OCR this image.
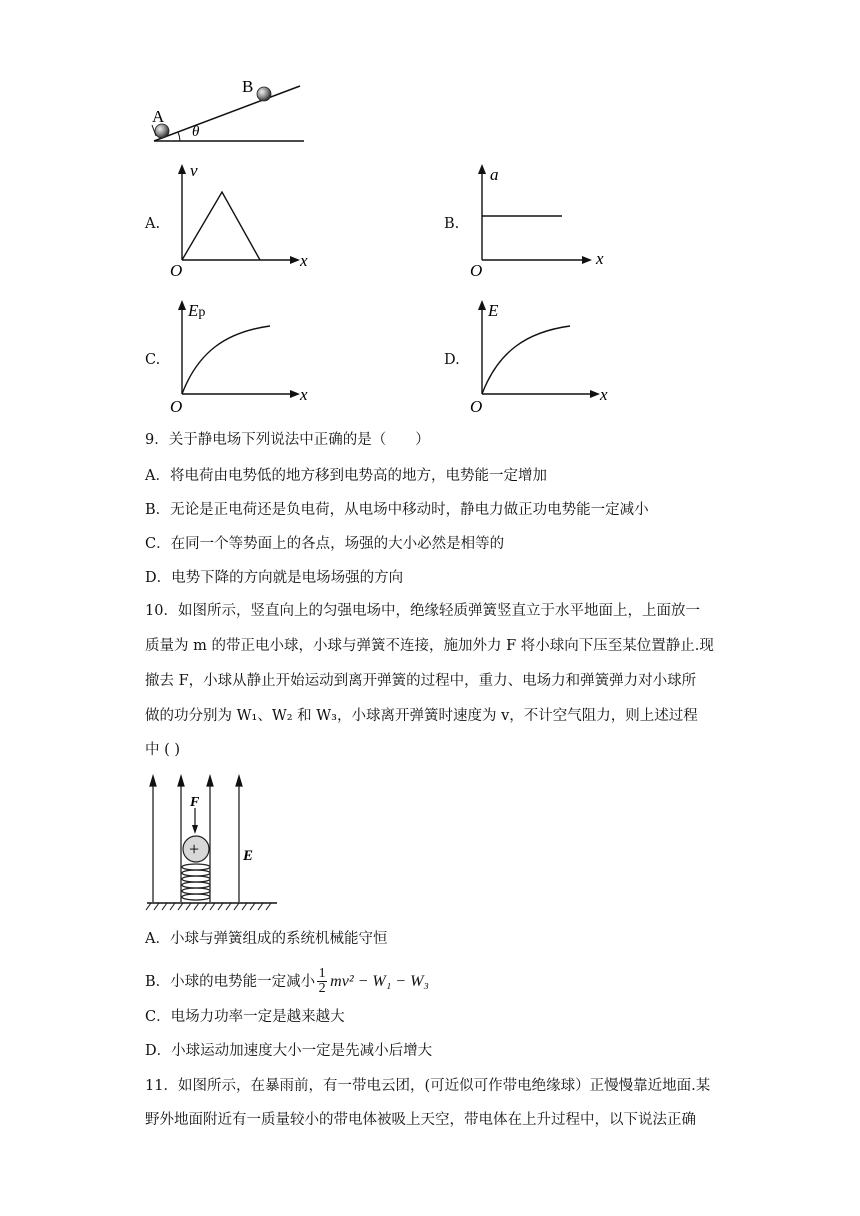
A
B
θ
A.	B.
C.	D.
v
x
O
a
x
O
Ep
x
O
E
x
O
9．关于静电场下列说法中正确的是（　　）
A．将电荷由电势低的地方移到电势高的地方，电势能一定增加
B．无论是正电荷还是负电荷，从电场中移动时，静电力做正功电势能一定减小
C．在同一个等势面上的各点，场强的大小必然是相等的
D．电势下降的方向就是电场场强的方向
10．如图所示，竖直向上的匀强电场中，绝缘轻质弹簧竖直立于水平地面上，上面放一
质量为 m 的带正电小球，小球与弹簧不连接，施加外力 F 将小球向下压至某位置静止.现
撤去 F，小球从静止开始运动到离开弹簧的过程中，重力、电场力和弹簧弹力对小球所
做的功分别为 W₁、W₂ 和 W₃，小球离开弹簧时速度为 v，不计空气阻力，则上述过程
中 ( )
F
+	E
A．小球与弹簧组成的系统机械能守恒
B．小球的电势能一定减小 1
2 mv² − W₁ − W₃
C．电场力功率一定是越来越大
D．小球运动加速度大小一定是先减小后增大
11．如图所示，在暴雨前，有一带电云团，(可近似可作带电绝缘球）正慢慢靠近地面.某
野外地面附近有一质量较小的带电体被吸上天空，带电体在上升过程中，以下说法正确
